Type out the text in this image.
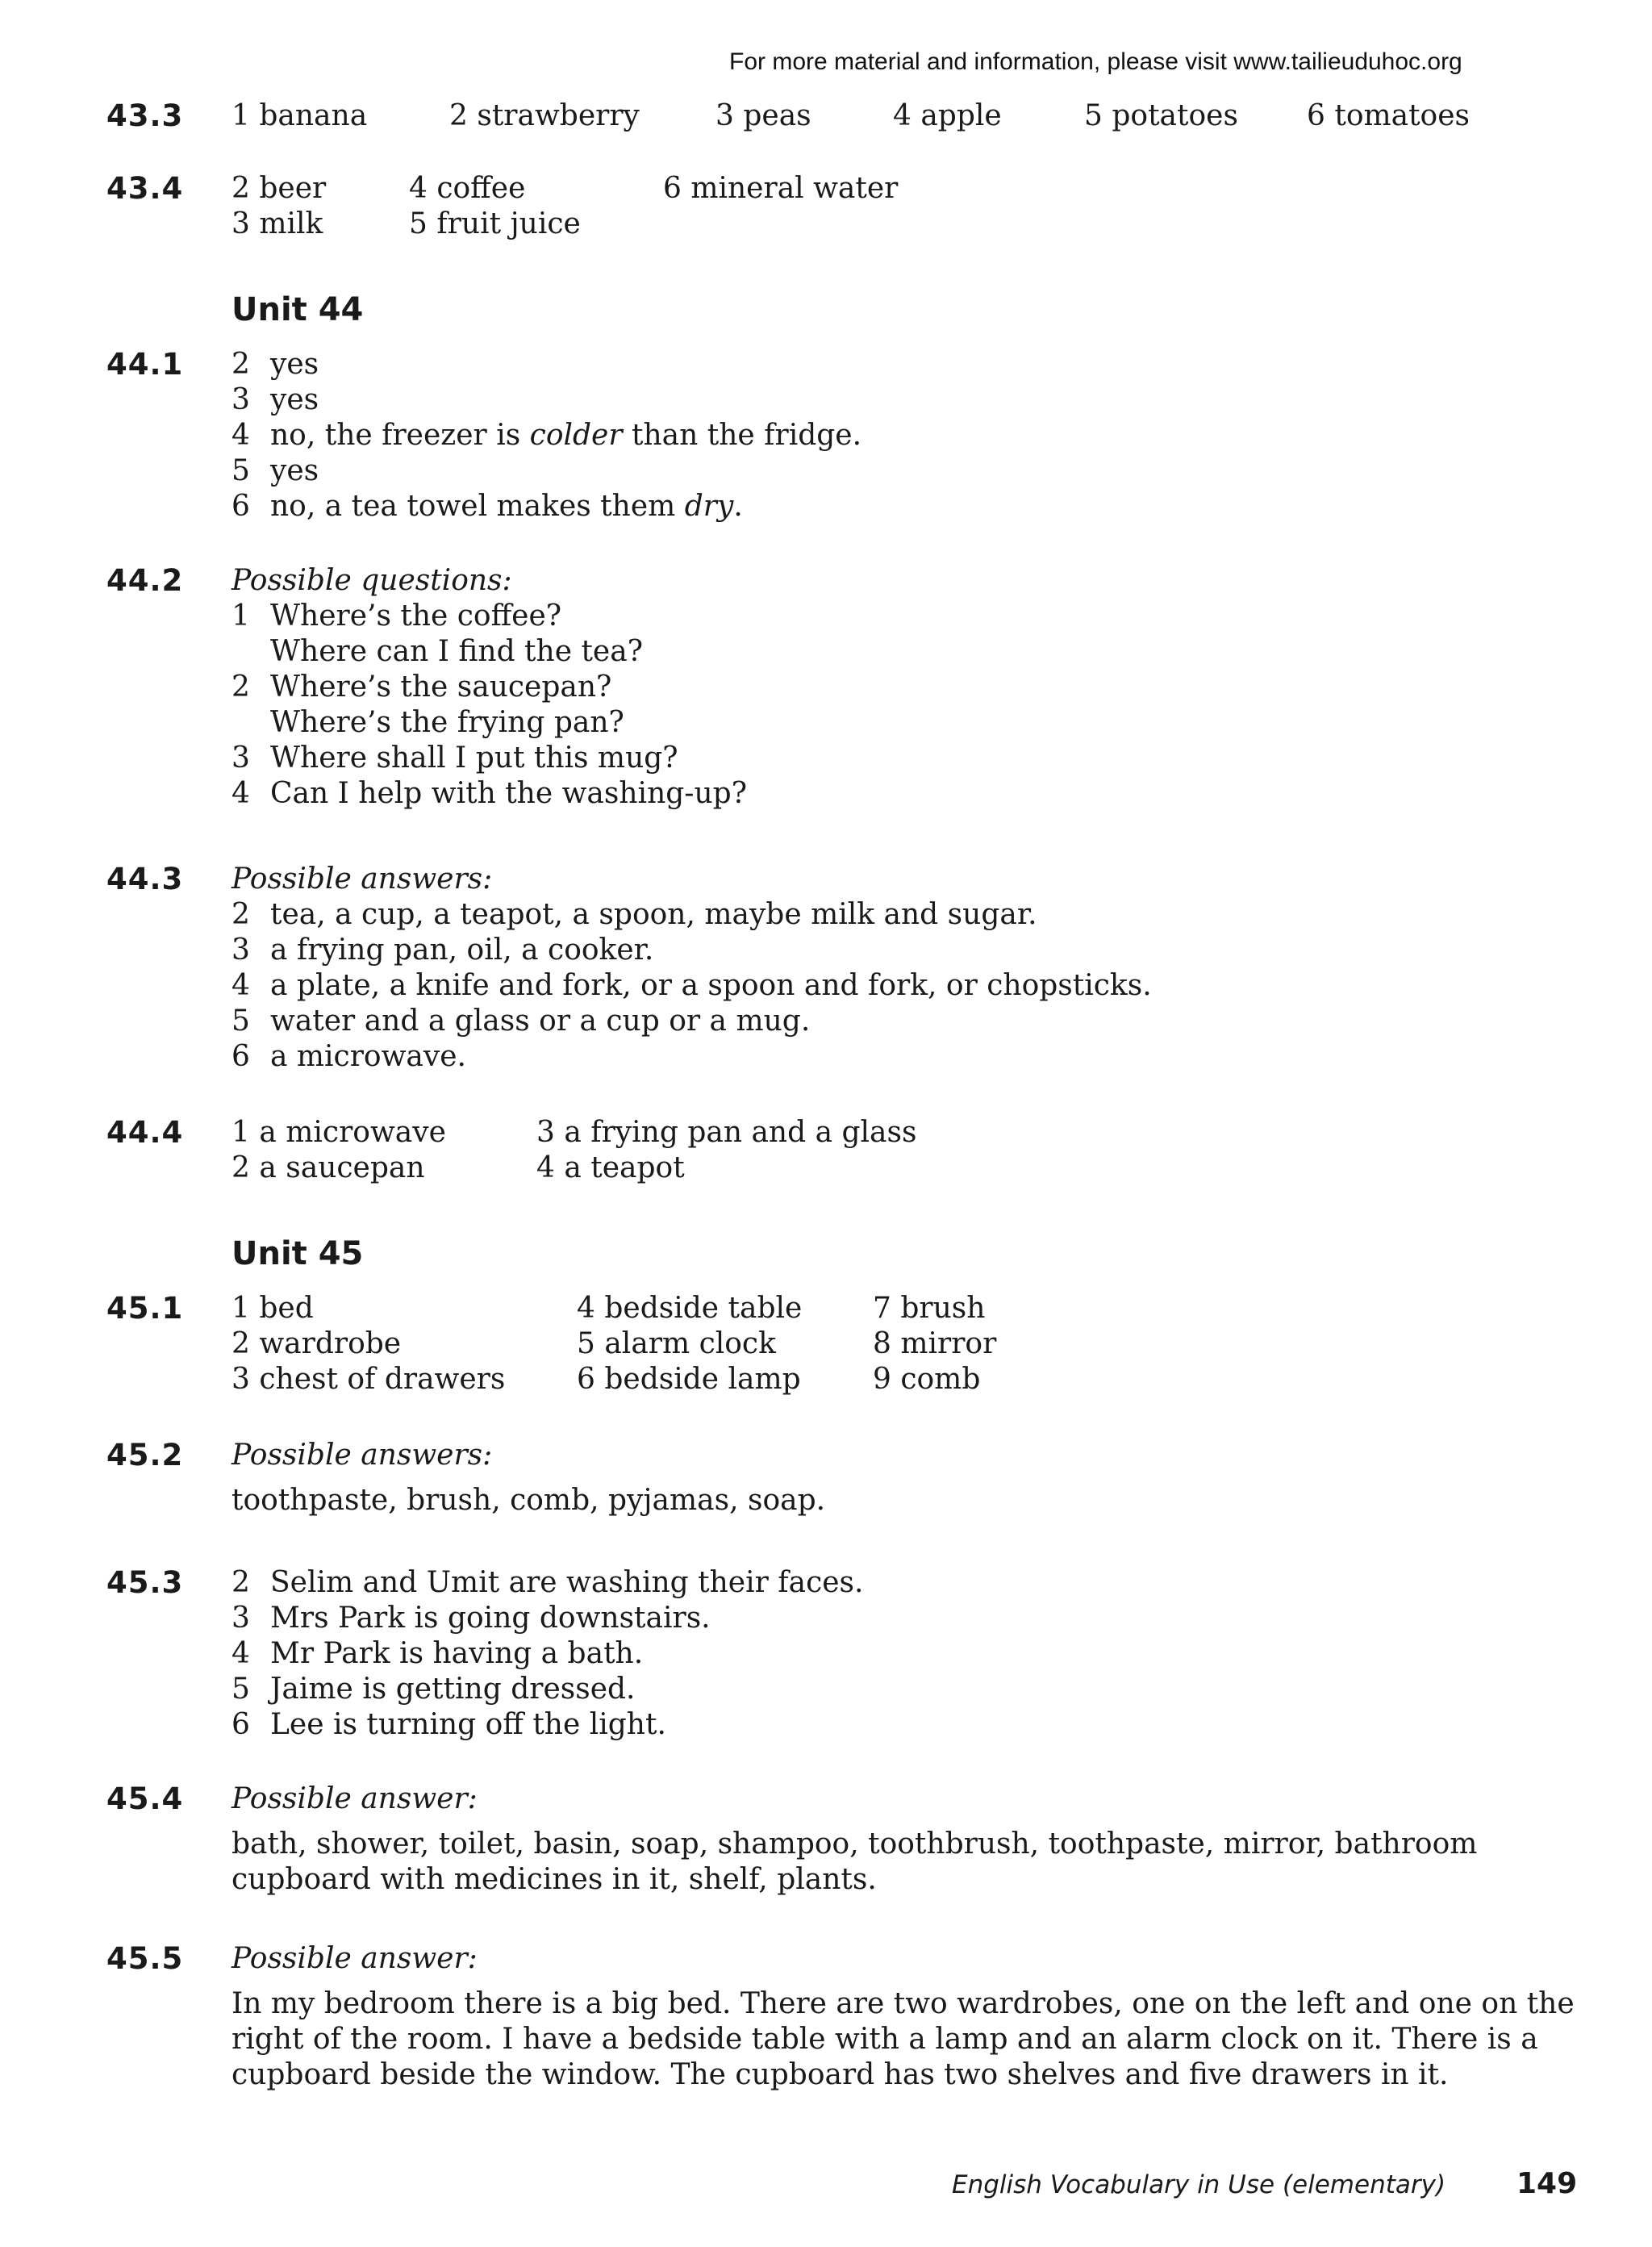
For more material and information, please visit www.tailieuduhoc.org
43.3 1 banana	2 strawberry	3 peas	4 apple	5 potatoes 6 tomatoes
43.4 2 beer	4 coffee	6 mineral water
3 milk	5 fruit juice
Unit 44
44.1 2 yes
3 yes
4 no, the freezer is colder than the fridge.
5 yes
6 no, a tea towel makes them dry.
44.2 Possible questions:
1 Where’s the coffee?
Where can I find the tea?
2 Where’s the saucepan?
Where’s the frying pan?
3 Where shall I put this mug?
4 Can I help with the washing-up?
44.3 Possible answers:
2 tea, a cup, a teapot, a spoon, maybe milk and sugar.
3 a frying pan, oil, a cooker.
4 a plate, a knife and fork, or a spoon and fork, or chopsticks.
5 water and a glass or a cup or a mug.
6 a microwave.
44.4 1 a microwave	3 a frying pan and a glass
2 a saucepan	4 a teapot
Unit 45
45.1 1 bed	4 bedside table 7 brush
2 wardrobe	5 alarm clock	8 mirror
3 chest of drawers 6 bedside lamp 9 comb
45.2 Possible answers:
toothpaste, brush, comb, pyjamas, soap.
45.3 2 Selim and Umit are washing their faces.
3 Mrs Park is going downstairs.
4 Mr Park is having a bath.
5 Jaime is getting dressed.
6 Lee is turning off the light.
45.4 Possible answer:
bath, shower, toilet, basin, soap, shampoo, toothbrush, toothpaste, mirror, bathroom cupboard with medicines in it, shelf, plants.
45.5 Possible answer:
In my bedroom there is a big bed. There are two wardrobes, one on the left and one on the right of the room. I have a bedside table with a lamp and an alarm clock on it. There is a cupboard beside the window. The cupboard has two shelves and five drawers in it.
English Vocabulary in Use (elementary) 149
